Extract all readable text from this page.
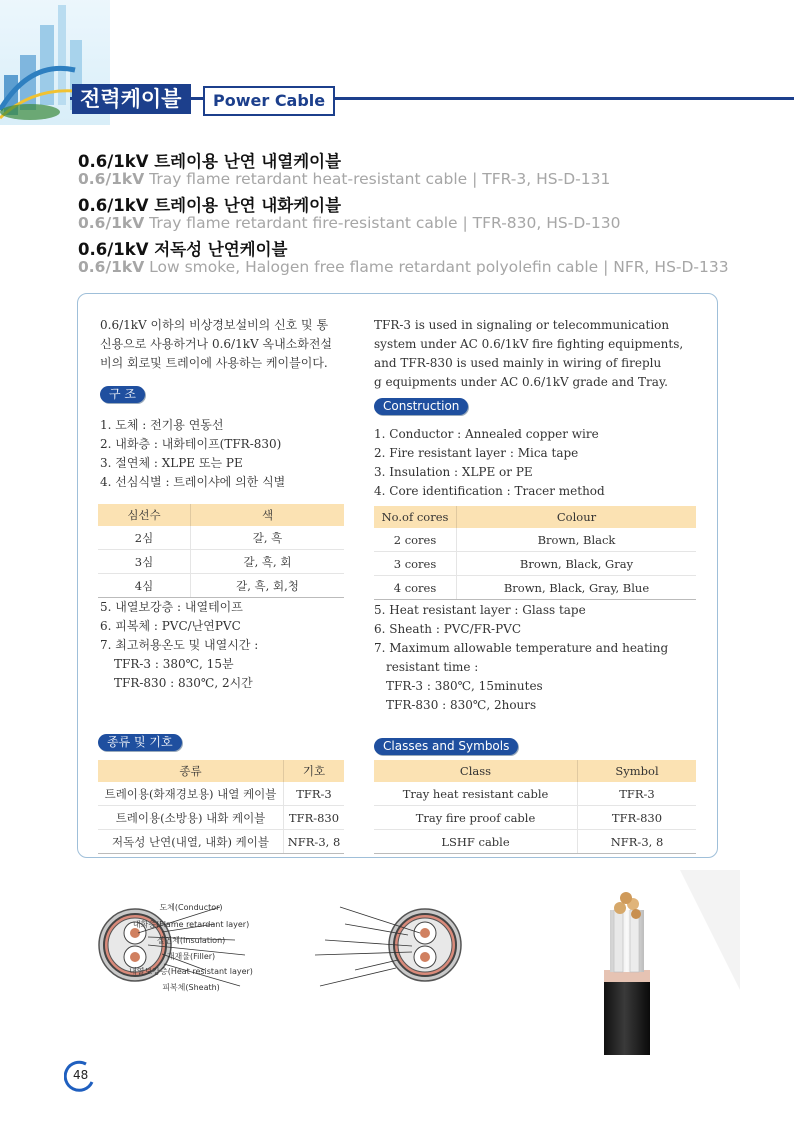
전력케이블	Power Cable
0.6/1kV 트레이용 난연 내열케이블
0.6/1kV Tray flame retardant heat-resistant cable | TFR-3, HS-D-131
0.6/1kV 트레이용 난연 내화케이블
0.6/1kV Tray flame retardant fire-resistant cable | TFR-830, HS-D-130
0.6/1kV 저독성 난연케이블
0.6/1kV Low smoke, Halogen free flame retardant polyolefin cable | NFR, HS-D-133
0.6/1kV 이하의 비상경보설비의 신호 및 통
신용으로 사용하거나 0.6/1kV 옥내소화전설
비의 회로및 트레이에 사용하는 케이블이다.
구 조
1. 도체 : 전기용 연동선
2. 내화층 : 내화테이프(TFR-830)
3. 절연체 : XLPE 또는 PE
4. 선심식별 : 트레이샤에 의한 식별
심선수	색
2심	갈, 흑
3심	갈, 흑, 회
4심	갈, 흑, 회,청
5. 내열보강층 : 내열테이프
6. 피복체 : PVC/난연PVC
7. 최고허용온도 및 내열시간 :
TFR-3 : 380℃, 15분
TFR-830 : 830℃, 2시간
종류 및 기호
종류	기호
트레이용(화재경보용) 내열 케이블	TFR-3
트레이용(소방용) 내화 케이블	TFR-830
저독성 난연(내열, 내화) 케이블	NFR-3, 8
TFR-3 is used in signaling or telecommunication
system under AC 0.6/1kV fire fighting equipments,
and TFR-830 is used mainly in wiring of fireplu
g equipments under AC 0.6/1kV grade and Tray.
Construction
1. Conductor : Annealed copper wire
2. Fire resistant layer : Mica tape
3. Insulation : XLPE or PE
4. Core identification : Tracer method
No.of cores	Colour
2 cores	Brown, Black
3 cores	Brown, Black, Gray
4 cores	Brown, Black, Gray, Blue
5. Heat resistant layer : Glass tape
6. Sheath : PVC/FR-PVC
7. Maximum allowable temperature and heating
resistant time :
TFR-3 : 380℃, 15minutes
TFR-830 : 830℃, 2hours
Classes and Symbols
Class	Symbol
Tray heat resistant cable	TFR-3
Tray fire proof cable	TFR-830
LSHF cable	NFR-3, 8
도체(Conductor)
내화층(Flame retardant layer)
절연체(Insulation)
개재물(Filler)
내열보강층(Heat resistant layer)
피복체(Sheath)
48
